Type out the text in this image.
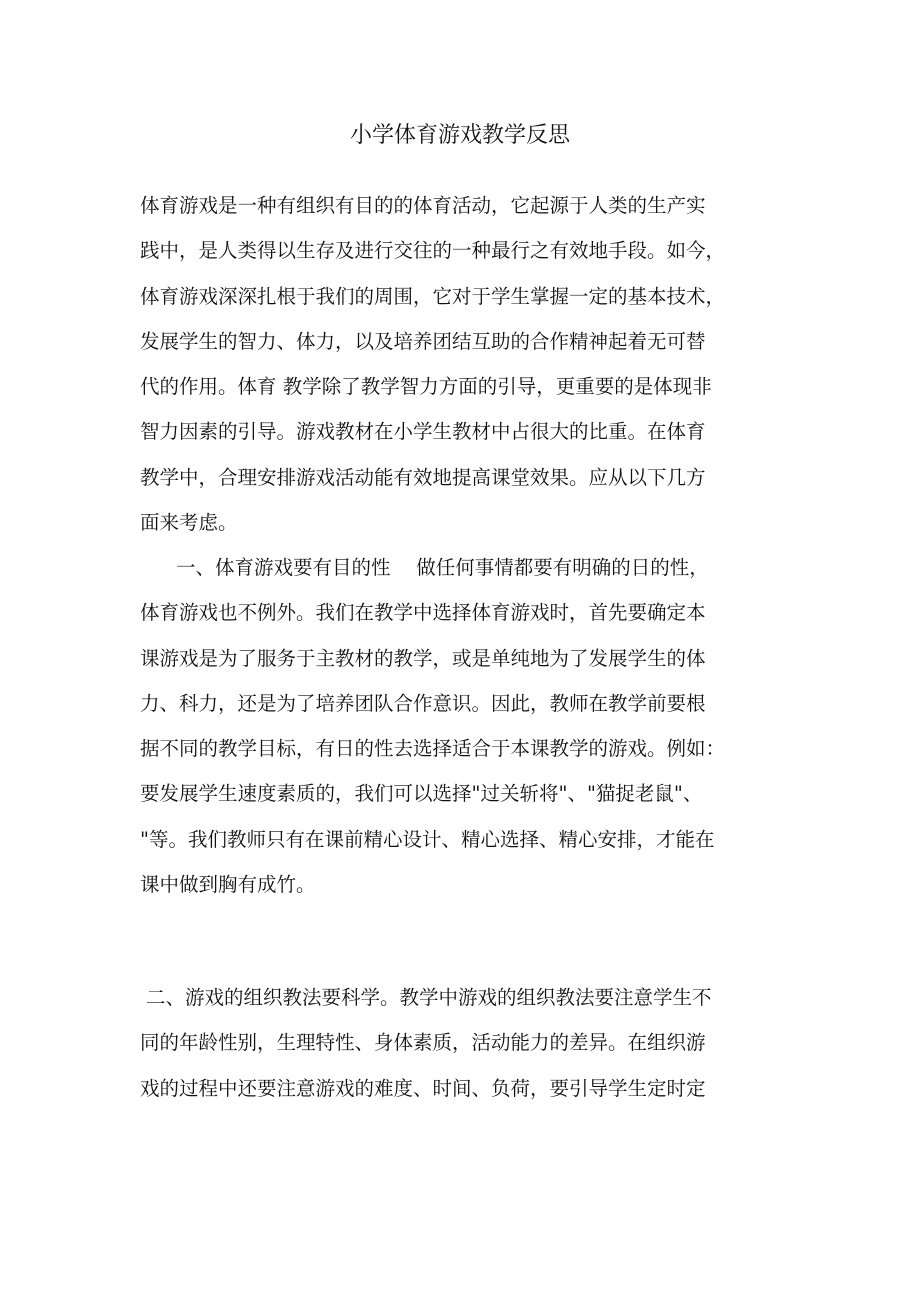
小学体育游戏教学反思
体育游戏是一种有组织有目的的体育活动，它起源于人类的生产实
践中，是人类得以生存及进行交往的一种最行之有效地手段。如今，
体育游戏深深扎根于我们的周围，它对于学生掌握一定的基本技术，
发展学生的智力、体力，以及培养团结互助的合作精神起着无可替
代的作用。体育 教学除了教学智力方面的引导，更重要的是体现非
智力因素的引导。游戏教材在小学生教材中占很大的比重。在体育
教学中，合理安排游戏活动能有效地提高课堂效果。应从以下几方
面来考虑。
一、体育游戏要有目的性　 做任何事情都要有明确的日的性，
体育游戏也不例外。我们在教学中选择体育游戏时，首先要确定本
课游戏是为了服务于主教材的教学，或是单纯地为了发展学生的体
力、科力，还是为了培养团队合作意识。因此，教师在教学前要根
据不同的教学目标，有日的性去选择适合于本课教学的游戏。例如：
要发展学生速度素质的，我们可以选择"过关斩将"、"猫捉老鼠"、
"等。我们教师只有在课前精心设计、精心选择、精心安排，才能在
课中做到胸有成竹。
二、游戏的组织教法要科学。教学中游戏的组织教法要注意学生不
同的年龄性别，生理特性、身体素质，活动能力的差异。在组织游
戏的过程中还要注意游戏的难度、时间、负荷，要引导学生定时定
